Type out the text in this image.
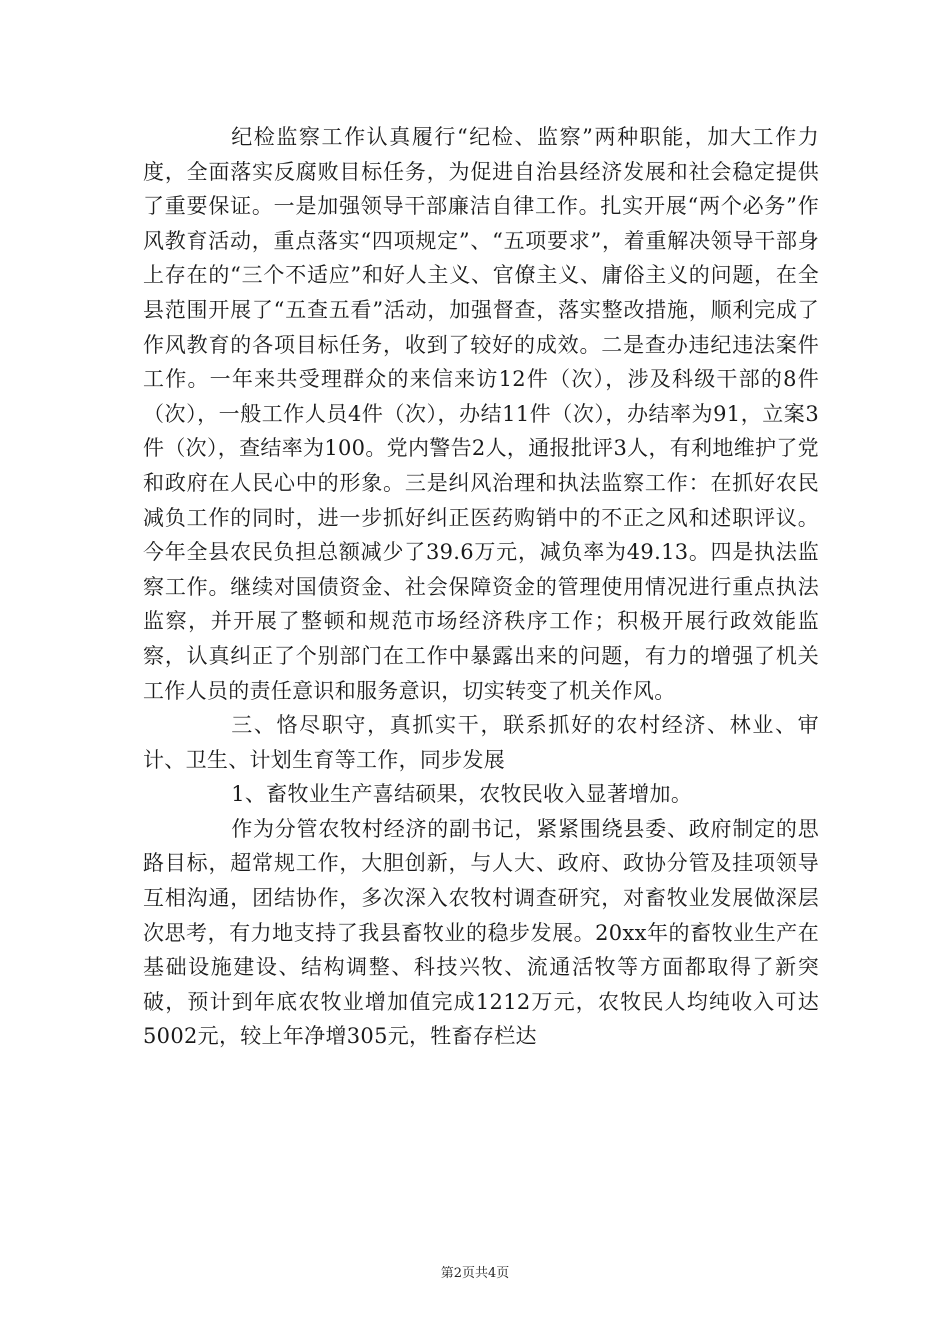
纪检监察工作认真履行“纪检、监察”两种职能，加大工作力度，全面落实反腐败目标任务，为促进自治县经济发展和社会稳定提供了重要保证。一是加强领导干部廉洁自律工作。扎实开展“两个必务”作风教育活动，重点落实“四项规定”、“五项要求”，着重解决领导干部身上存在的“三个不适应”和好人主义、官僚主义、庸俗主义的问题，在全县范围开展了“五查五看”活动，加强督查，落实整改措施，顺利完成了作风教育的各项目标任务，收到了较好的成效。二是查办违纪违法案件工作。一年来共受理群众的来信来访12件（次），涉及科级干部的8件（次），一般工作人员4件（次），办结11件（次），办结率为91，立案3件（次），查结率为100。党内警告2人，通报批评3人，有利地维护了党和政府在人民心中的形象。三是纠风治理和执法监察工作：在抓好农民减负工作的同时，进一步抓好纠正医药购销中的不正之风和述职评议。今年全县农民负担总额减少了39.6万元，减负率为49.13。四是执法监察工作。继续对国债资金、社会保障资金的管理使用情况进行重点执法监察，并开展了整顿和规范市场经济秩序工作；积极开展行政效能监察，认真纠正了个别部门在工作中暴露出来的问题，有力的增强了机关工作人员的责任意识和服务意识，切实转变了机关作风。

三、恪尽职守，真抓实干，联系抓好的农村经济、林业、审计、卫生、计划生育等工作，同步发展

1、畜牧业生产喜结硕果，农牧民收入显著增加。

作为分管农牧村经济的副书记，紧紧围绕县委、政府制定的思路目标，超常规工作，大胆创新，与人大、政府、政协分管及挂项领导互相沟通，团结协作，多次深入农牧村调查研究，对畜牧业发展做深层次思考，有力地支持了我县畜牧业的稳步发展。20xx年的畜牧业生产在基础设施建设、结构调整、科技兴牧、流通活牧等方面都取得了新突破，预计到年底农牧业增加值完成1212万元，农牧民人均纯收入可达5002元，较上年净增305元，牲畜存栏达

第2页共4页
